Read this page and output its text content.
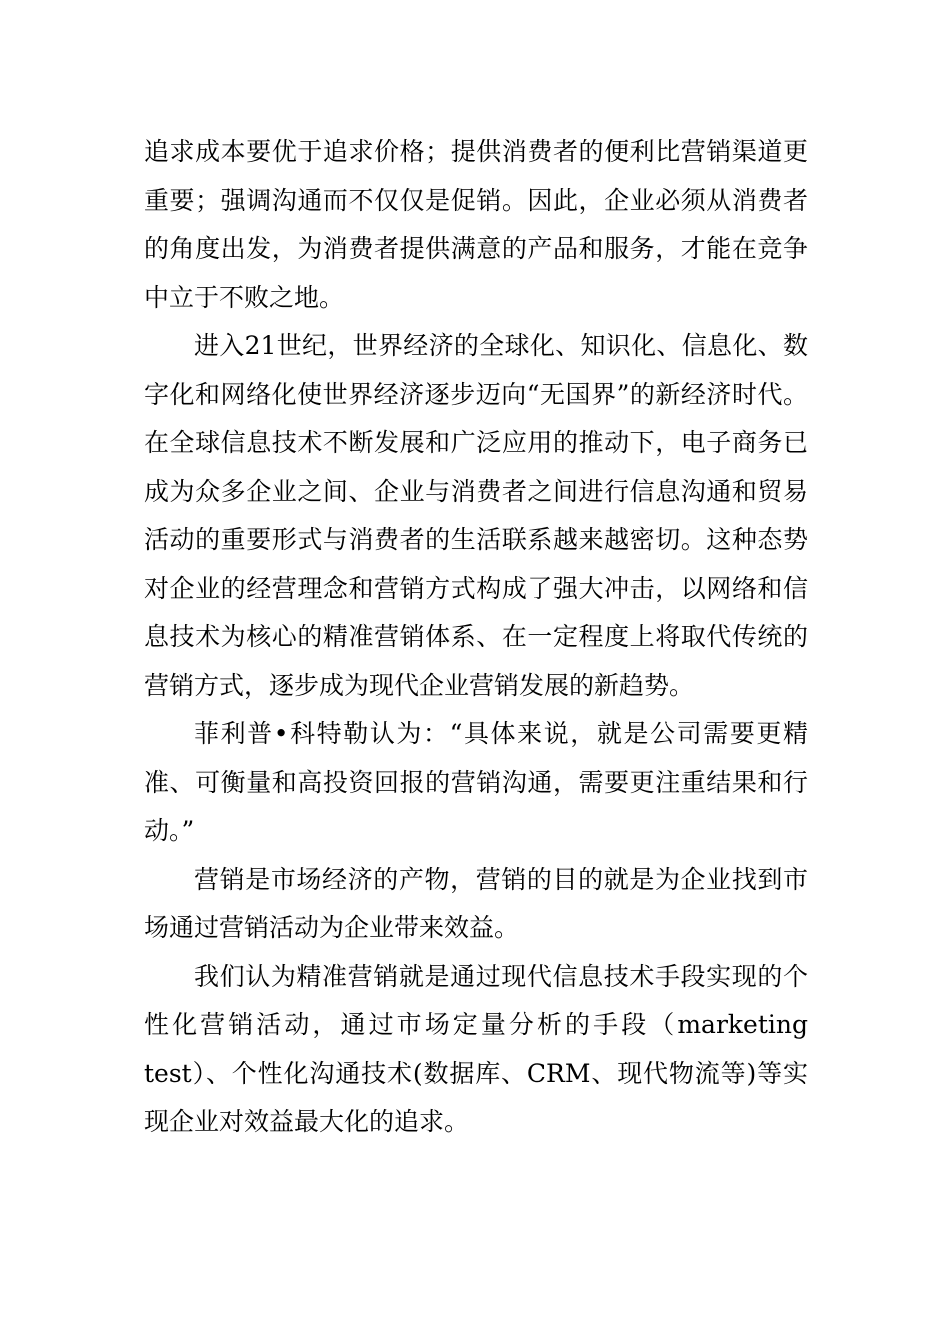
追求成本要优于追求价格；提供消费者的便利比营销渠道更重要；强调沟通而不仅仅是促销。因此，企业必须从消费者的角度出发，为消费者提供满意的产品和服务，才能在竞争中立于不败之地。

进入21世纪，世界经济的全球化、知识化、信息化、数字化和网络化使世界经济逐步迈向“无国界”的新经济时代。在全球信息技术不断发展和广泛应用的推动下，电子商务已成为众多企业之间、企业与消费者之间进行信息沟通和贸易活动的重要形式与消费者的生活联系越来越密切。这种态势对企业的经营理念和营销方式构成了强大冲击，以网络和信息技术为核心的精准营销体系、在一定程度上将取代传统的营销方式，逐步成为现代企业营销发展的新趋势。

菲利普•科特勒认为：“具体来说，就是公司需要更精准、可衡量和高投资回报的营销沟通，需要更注重结果和行动。”

营销是市场经济的产物，营销的目的就是为企业找到市场通过营销活动为企业带来效益。

我们认为精准营销就是通过现代信息技术手段实现的个性化营销活动，通过市场定量分析的手段（marketing test）、个性化沟通技术(数据库、CRM、现代物流等)等实现企业对效益最大化的追求。
